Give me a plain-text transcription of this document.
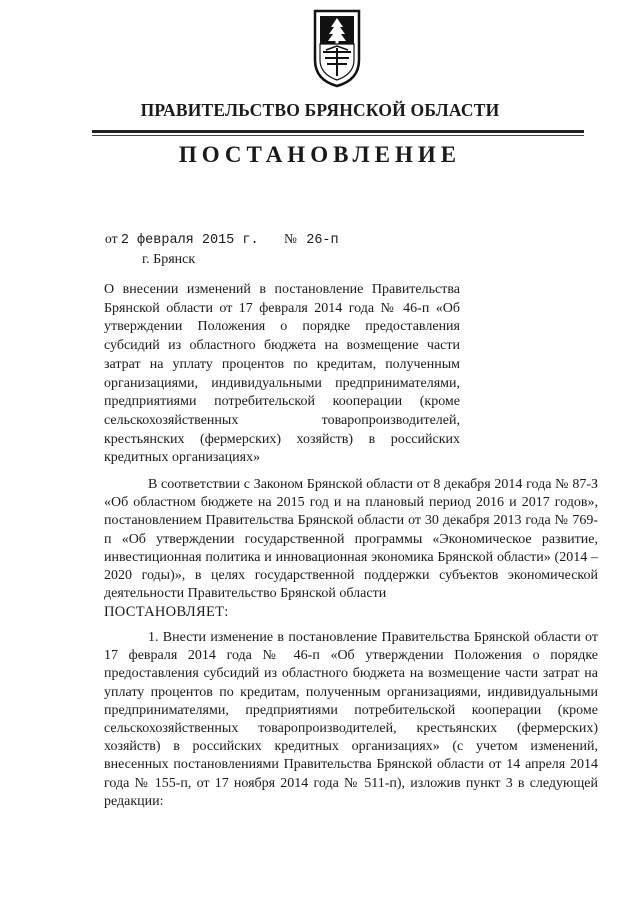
ПРАВИТЕЛЬСТВО БРЯНСКОЙ ОБЛАСТИ
ПОСТАНОВЛЕНИЕ
от 2 февраля 2015 г. № 26-п
г. Брянск
О внесении изменений в постановление Правительства Брянской области от 17 февраля 2014 года № 46-п «Об утверждении Положения о порядке предоставления субсидий из областного бюджета на возмещение части затрат на уплату процентов по кредитам, полученным организациями, индивидуальными предпринимателями, предприятиями потребительской кооперации (кроме сельскохозяйственных товаропроизводителей, крестьянских (фермерских) хозяйств) в российских кредитных организациях»
В соответствии с Законом Брянской области от 8 декабря 2014 года № 87-З «Об областном бюджете на 2015 год и на плановый период 2016 и 2017 годов», постановлением Правительства Брянской области от 30 декабря 2013 года № 769-п «Об утверждении государственной программы «Экономическое развитие, инвестиционная политика и инновационная экономика Брянской области» (2014 – 2020 годы)», в целях государственной поддержки субъектов экономической деятельности Правительство Брянской области
ПОСТАНОВЛЯЕТ:
1. Внести изменение в постановление Правительства Брянской области от 17 февраля 2014 года № 46-п «Об утверждении Положения о порядке предоставления субсидий из областного бюджета на возмещение части затрат на уплату процентов по кредитам, полученным организациями, индивидуальными предпринимателями, предприятиями потребительской кооперации (кроме сельскохозяйственных товаропроизводителей, крестьянских (фермерских) хозяйств) в российских кредитных организациях» (с учетом изменений, внесенных постановлениями Правительства Брянской области от 14 апреля 2014 года № 155-п, от 17 ноября 2014 года № 511-п), изложив пункт 3 в следующей редакции:
